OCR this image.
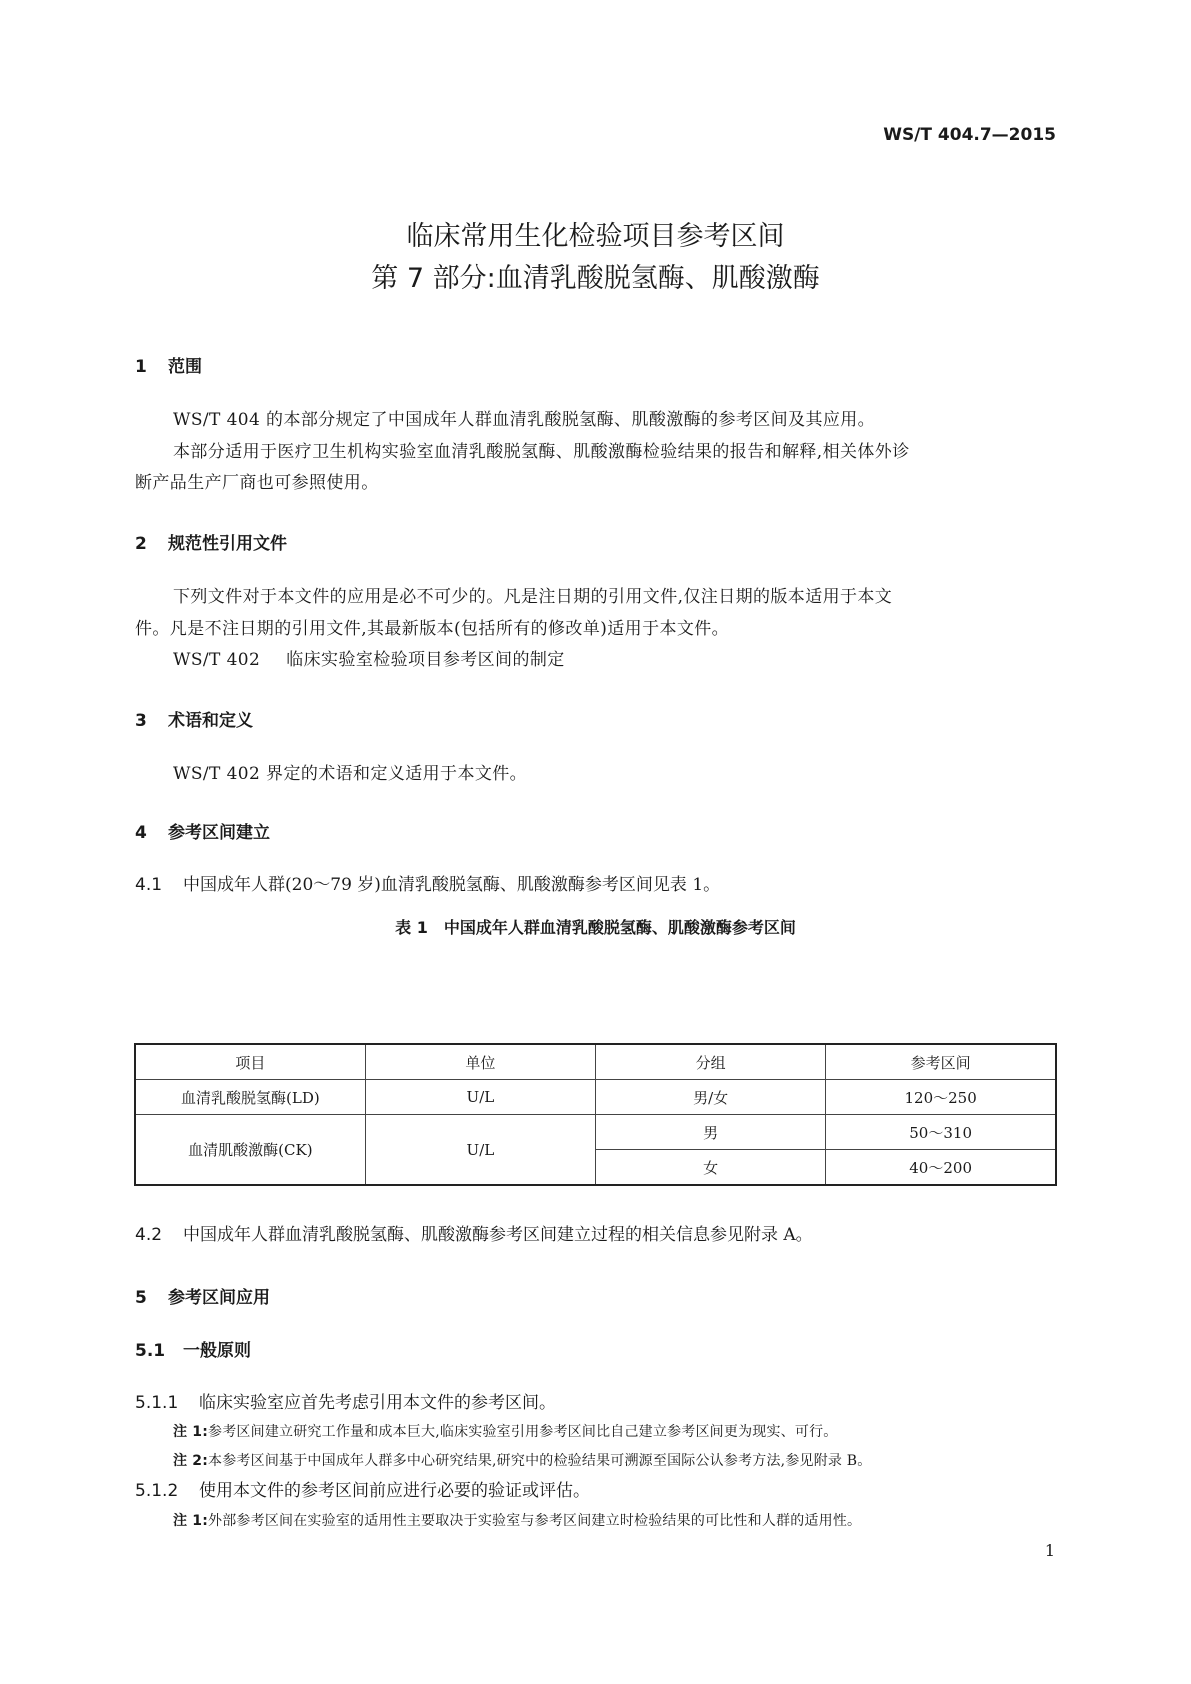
WS/T 404.7—2015
临床常用生化检验项目参考区间
第 7 部分:血清乳酸脱氢酶、肌酸激酶
1 范围
WS/T 404 的本部分规定了中国成年人群血清乳酸脱氢酶、肌酸激酶的参考区间及其应用。
本部分适用于医疗卫生机构实验室血清乳酸脱氢酶、肌酸激酶检验结果的报告和解释,相关体外诊
断产品生产厂商也可参照使用。
2 规范性引用文件
下列文件对于本文件的应用是必不可少的。凡是注日期的引用文件,仅注日期的版本适用于本文
件。凡是不注日期的引用文件,其最新版本(包括所有的修改单)适用于本文件。
WS/T 402 临床实验室检验项目参考区间的制定
3 术语和定义
WS/T 402 界定的术语和定义适用于本文件。
4 参考区间建立
4.1 中国成年人群(20～79 岁)血清乳酸脱氢酶、肌酸激酶参考区间见表 1。
表 1　中国成年人群血清乳酸脱氢酶、肌酸激酶参考区间
项目	单位	分组	参考区间
血清乳酸脱氢酶(LD)	U/L	男/女	120～250
血清肌酸激酶(CK)	U/L	男	50～310
		女	40～200
4.2 中国成年人群血清乳酸脱氢酶、肌酸激酶参考区间建立过程的相关信息参见附录 A。
5 参考区间应用
5.1 一般原则
5.1.1 临床实验室应首先考虑引用本文件的参考区间。
注 1:参考区间建立研究工作量和成本巨大,临床实验室引用参考区间比自己建立参考区间更为现实、可行。
注 2:本参考区间基于中国成年人群多中心研究结果,研究中的检验结果可溯源至国际公认参考方法,参见附录 B。
5.1.2 使用本文件的参考区间前应进行必要的验证或评估。
注 1:外部参考区间在实验室的适用性主要取决于实验室与参考区间建立时检验结果的可比性和人群的适用性。
1
